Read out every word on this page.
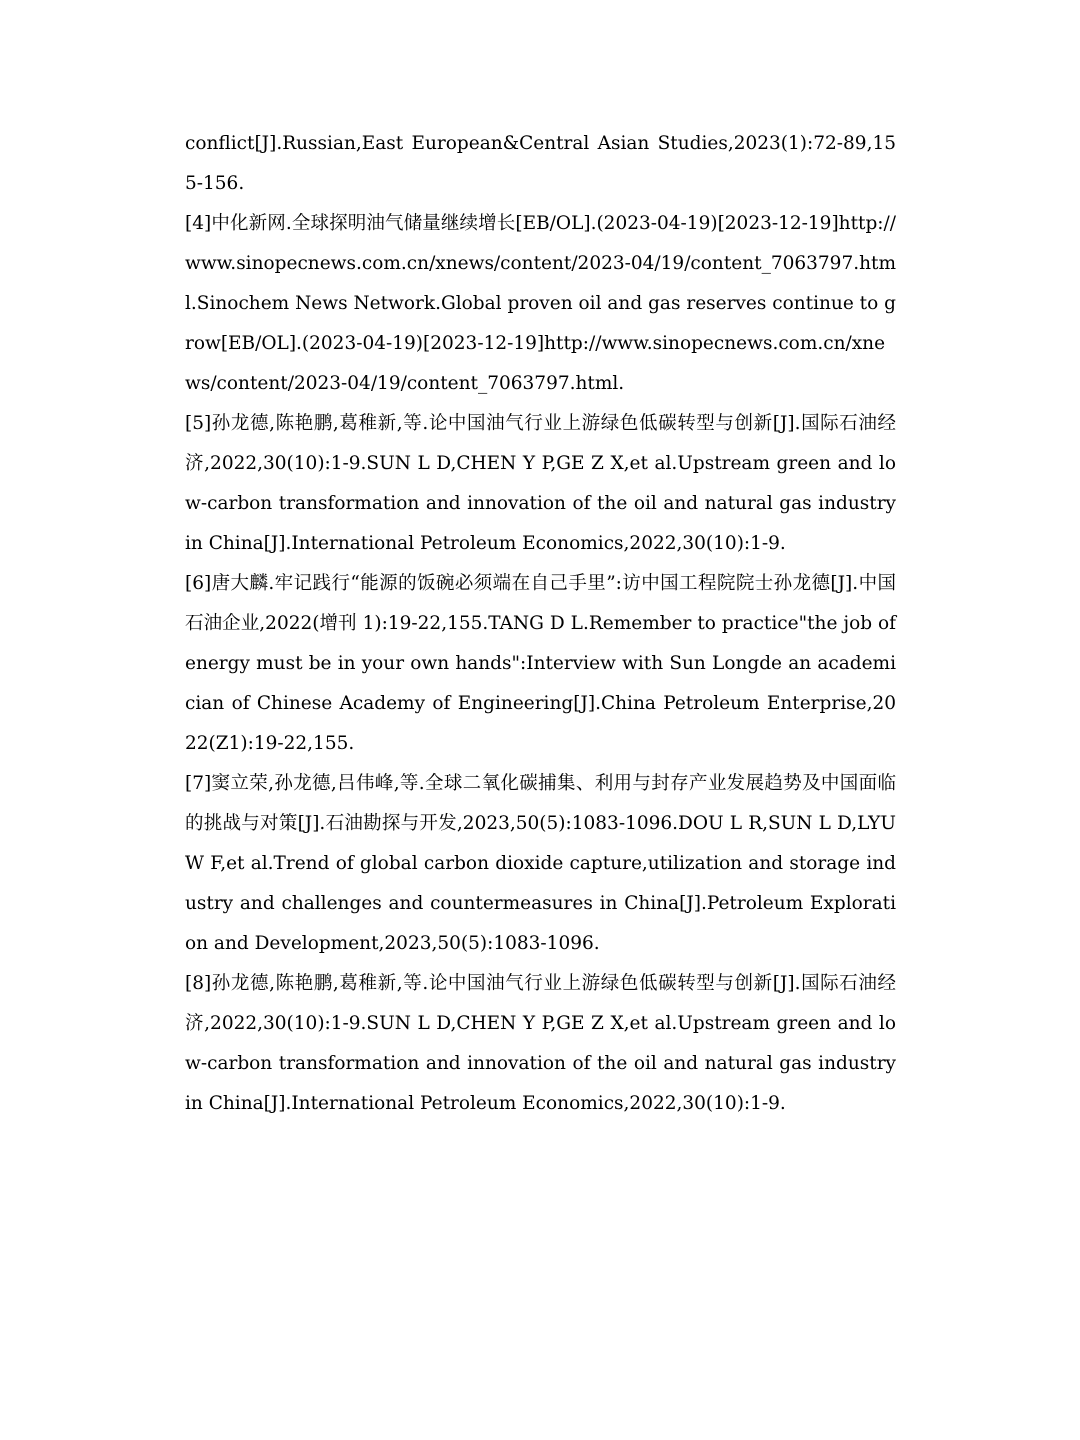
conflict[J].Russian,East European&Central Asian Studies,2023(1):72-89,155-156.

[4]中化新网.全球探明油气储量继续增长[EB/OL].(2023-04-19)[2023-12-19]http://www.sinopecnews.com.cn/xnews/content/2023-04/19/content_7063797.html.Sinochem News Network.Global proven oil and gas reserves continue to grow[EB/OL].(2023-04-19)[2023-12-19]http://www.sinopecnews.com.cn/xnews/content/2023-04/19/content_7063797.html.

[5]孙龙德,陈艳鹏,葛稚新,等.论中国油气行业上游绿色低碳转型与创新[J].国际石油经济,2022,30(10):1-9.SUN L D,CHEN Y P,GE Z X,et al.Upstream green and low-carbon transformation and innovation of the oil and natural gas industry in China[J].International Petroleum Economics,2022,30(10):1-9.

[6]唐大麟.牢记践行“能源的饭碗必须端在自己手里”:访中国工程院院士孙龙德[J].中国石油企业,2022(增刊 1):19-22,155.TANG D L.Remember to practice"the job of energy must be in your own hands":Interview with Sun Longde an academician of Chinese Academy of Engineering[J].China Petroleum Enterprise,2022(Z1):19-22,155.

[7]窦立荣,孙龙德,吕伟峰,等.全球二氧化碳捕集、利用与封存产业发展趋势及中国面临的挑战与对策[J].石油勘探与开发,2023,50(5):1083-1096.DOU L R,SUN L D,LYU W F,et al.Trend of global carbon dioxide capture,utilization and storage industry and challenges and countermeasures in China[J].Petroleum Exploration and Development,2023,50(5):1083-1096.

[8]孙龙德,陈艳鹏,葛稚新,等.论中国油气行业上游绿色低碳转型与创新[J].国际石油经济,2022,30(10):1-9.SUN L D,CHEN Y P,GE Z X,et al.Upstream green and low-carbon transformation and innovation of the oil and natural gas industry in China[J].International Petroleum Economics,2022,30(10):1-9.
